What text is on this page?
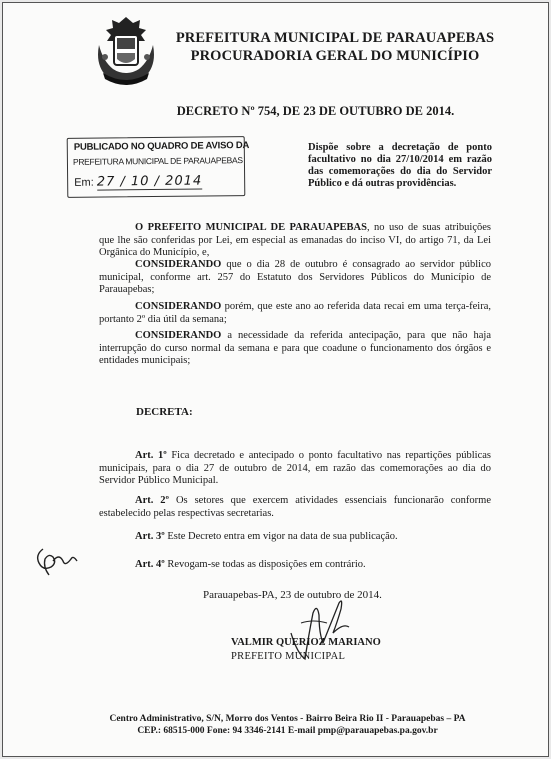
PREFEITURA MUNICIPAL DE PARAUAPEBAS
PROCURADORIA GERAL DO MUNICÍPIO
DECRETO Nº 754, DE 23 DE OUTUBRO DE 2014.
PUBLICADO NO QUADRO DE AVISO DA
PREFEITURA MUNICIPAL DE PARAUAPEBAS
Em: 27 / 10 / 2014
Dispõe sobre a decretação de ponto facultativo no dia 27/10/2014 em razão das comemorações do dia do Servidor Público e dá outras providências.
O PREFEITO MUNICIPAL DE PARAUAPEBAS, no uso de suas atribuições que lhe são conferidas por Lei, em especial as emanadas do inciso VI, do artigo 71, da Lei Orgânica do Município, e,
CONSIDERANDO que o dia 28 de outubro é consagrado ao servidor público municipal, conforme art. 257 do Estatuto dos Servidores Públicos do Município de Parauapebas;
CONSIDERANDO porém, que este ano ao referida data recai em uma terça-feira, portanto 2º dia útil da semana;
CONSIDERANDO a necessidade da referida antecipação, para que não haja interrupção do curso normal da semana e para que coadune o funcionamento dos órgãos e entidades municipais;
DECRETA:
Art. 1º Fica decretado e antecipado o ponto facultativo nas repartições públicas municipais, para o dia 27 de outubro de 2014, em razão das comemorações ao dia do Servidor Público Municipal.
Art. 2º Os setores que exercem atividades essenciais funcionarão conforme estabelecido pelas respectivas secretarias.
Art. 3º Este Decreto entra em vigor na data de sua publicação.
Art. 4º Revogam-se todas as disposições em contrário.
Parauapebas-PA, 23 de outubro de 2014.
VALMIR QUERIOZ MARIANO
PREFEITO MUNICIPAL
Centro Administrativo, S/N, Morro dos Ventos - Bairro Beira Rio II - Parauapebas – PA
CEP.: 68515-000 Fone: 94 3346-2141 E-mail pmp@parauapebas.pa.gov.br
